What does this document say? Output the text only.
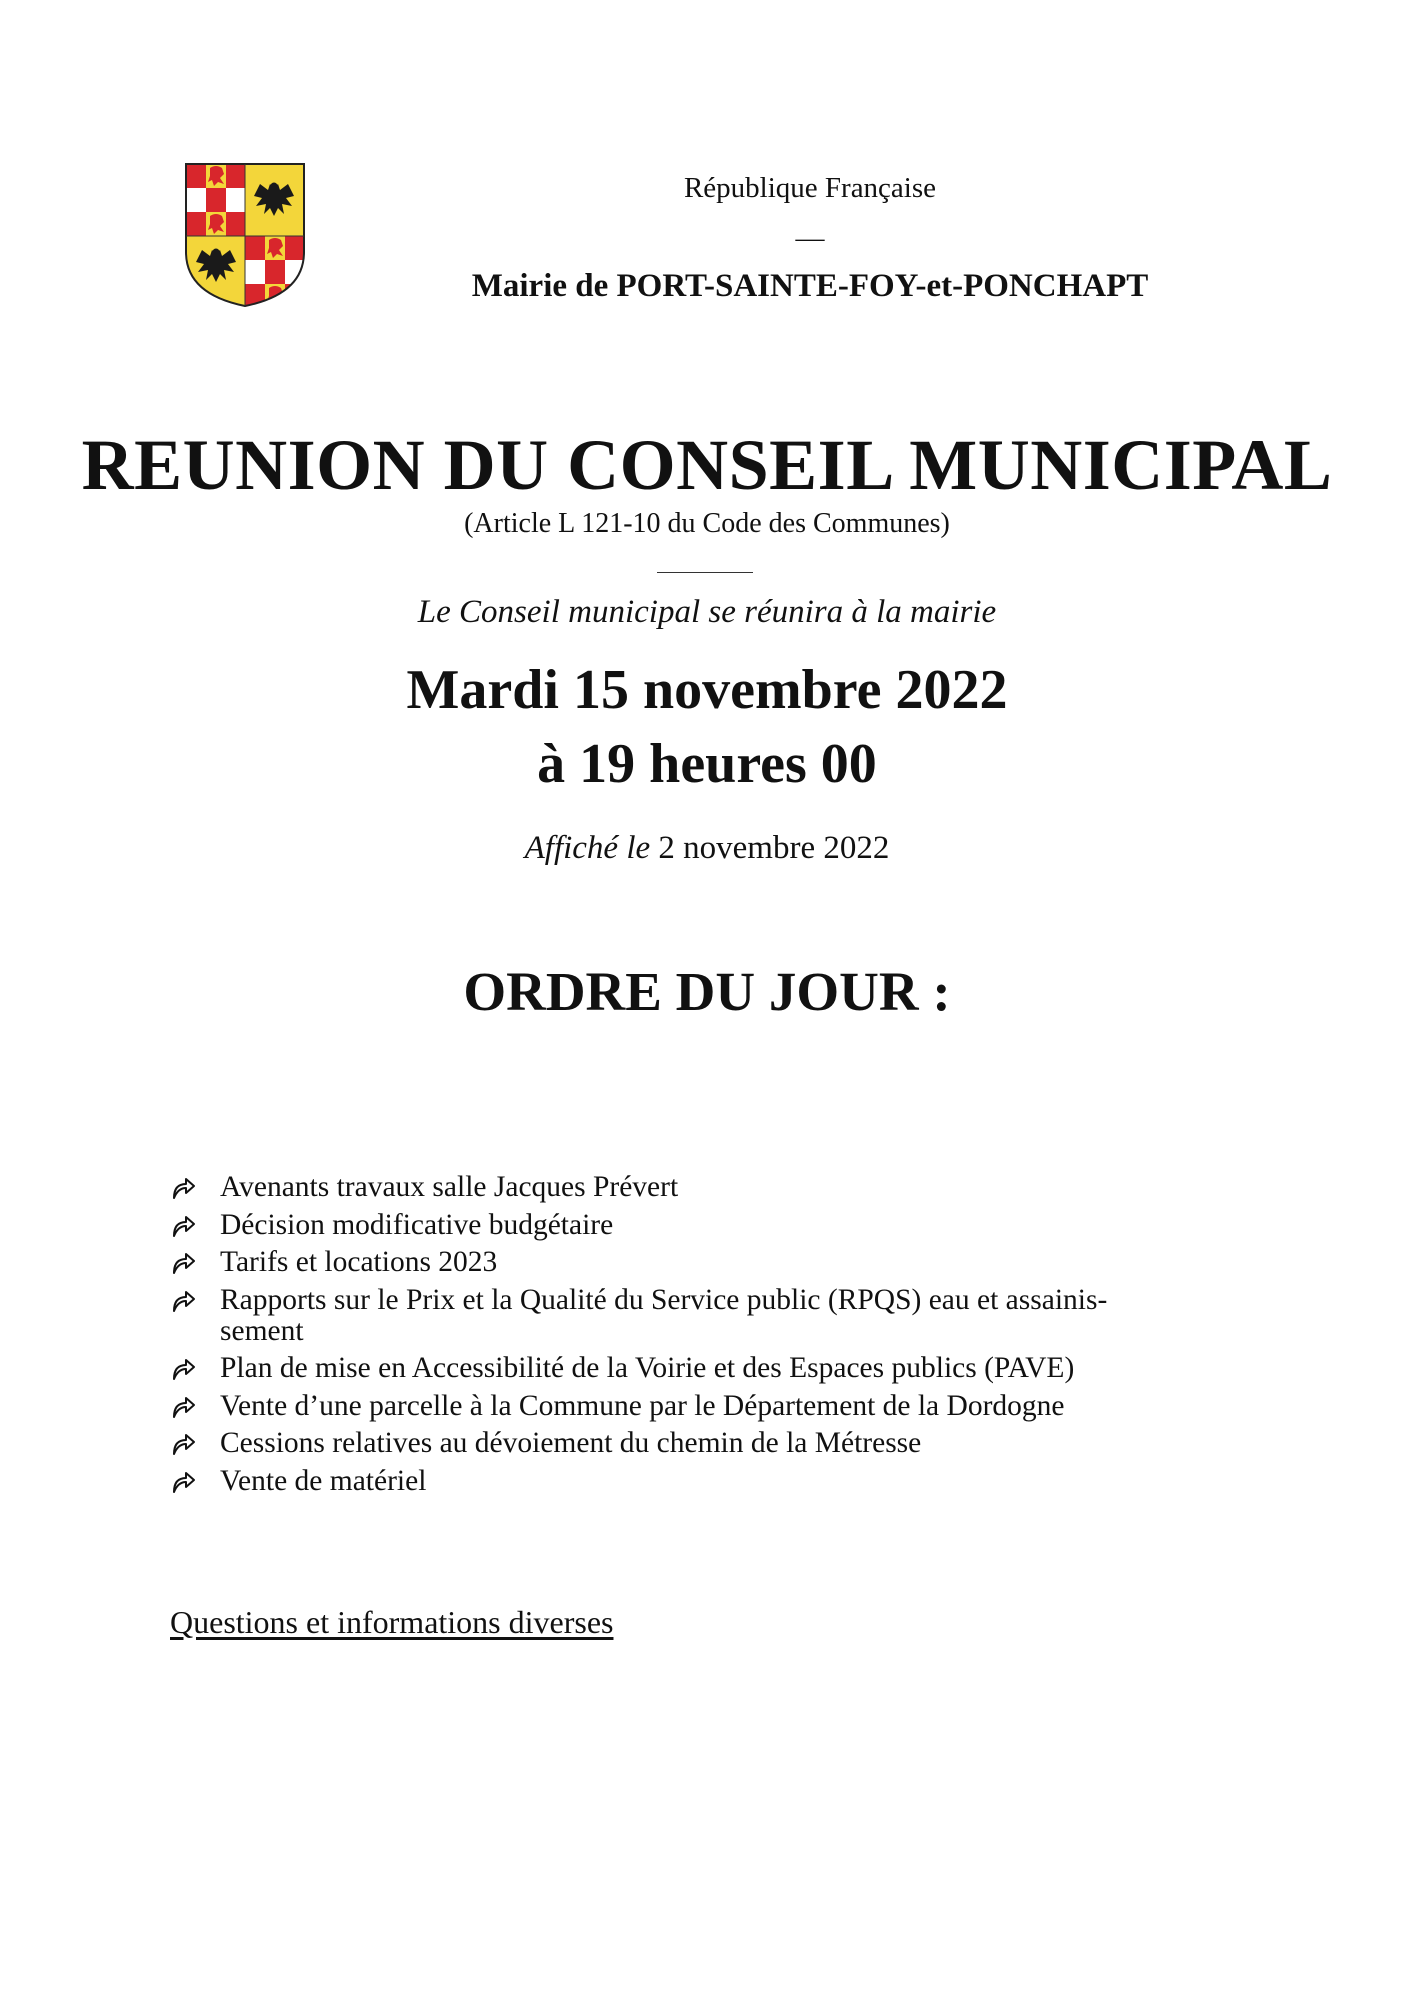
République Française
—
Mairie de PORT-SAINTE-FOY-et-PONCHAPT
REUNION DU CONSEIL MUNICIPAL
(Article L 121-10 du Code des Communes)
Le Conseil municipal se réunira à la mairie
Mardi 15 novembre 2022
à 19 heures 00
Affiché le 2 novembre 2022
ORDRE DU JOUR :
Avenants travaux salle Jacques Prévert
Décision modificative budgétaire
Tarifs et locations 2023
Rapports sur le Prix et la Qualité du Service public (RPQS) eau et assainis-
sement
Plan de mise en Accessibilité de la Voirie et des Espaces publics (PAVE)
Vente d’une parcelle à la Commune par le Département de la Dordogne
Cessions relatives au dévoiement du chemin de la Métresse
Vente de matériel
Questions et informations diverses
